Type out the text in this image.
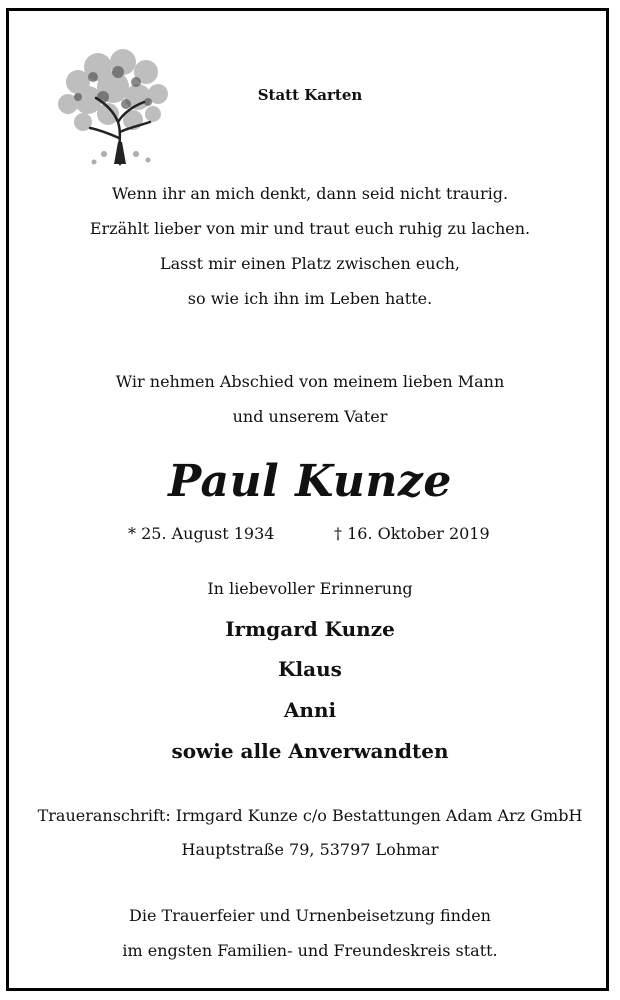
Statt Karten
Wenn ihr an mich denkt, dann seid nicht traurig.
Erzählt lieber von mir und traut euch ruhig zu lachen.
Lasst mir einen Platz zwischen euch,
so wie ich ihn im Leben hatte.
Wir nehmen Abschied von meinem lieben Mann
und unserem Vater
Paul Kunze
* 25. August 1934	† 16. Oktober 2019
In liebevoller Erinnerung
Irmgard Kunze
Klaus
Anni
sowie alle Anverwandten
Traueranschrift: Irmgard Kunze c/o Bestattungen Adam Arz GmbH
Hauptstraße 79, 53797 Lohmar
Die Trauerfeier und Urnenbeisetzung finden
im engsten Familien- und Freundeskreis statt.
